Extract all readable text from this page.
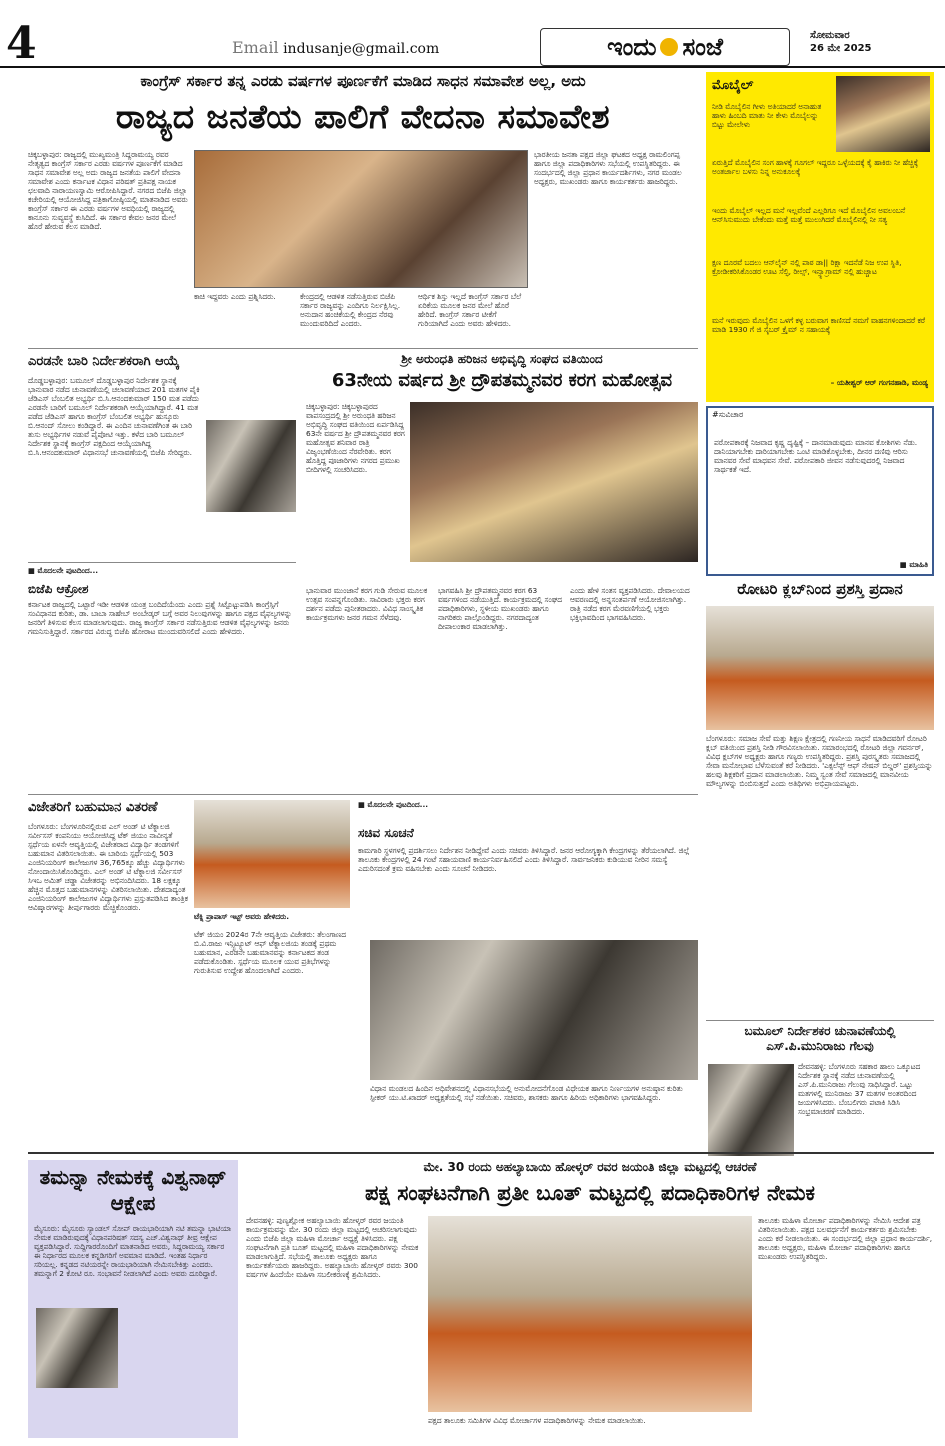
4	Email indusanje@gmail.com	ಇಂದು ಸಂಜೆ	ಸೋಮವಾರ
26 ಮೇ 2025
ಕಾಂಗ್ರೆಸ್ ಸರ್ಕಾರ ತನ್ನ ಎರಡು ವರ್ಷಗಳ ಪೂರ್ಣಕೆಗೆ ಮಾಡಿದ ಸಾಧನ ಸಮಾವೇಶ ಅಲ್ಲ, ಅದು
ರಾಜ್ಯದ ಜನತೆಯ ಪಾಲಿಗೆ ವೇದನಾ ಸಮಾವೇಶ
ಚಿಕ್ಕಬಳ್ಳಾಪುರ: ರಾಜ್ಯದಲ್ಲಿ ಮುಖ್ಯಮಂತ್ರಿ ಸಿದ್ದರಾಮಯ್ಯ ರವರ ನೇತೃತ್ವದ ಕಾಂಗ್ರೆಸ್ ಸರ್ಕಾರ ಎರಡು ವರ್ಷಗಳ ಪೂರ್ಣಕೆಗೆ ಮಾಡಿದ ಸಾಧನ ಸಮಾವೇಶ ಅಲ್ಲ ಅದು ರಾಜ್ಯದ ಜನತೆಯ ಪಾಲಿಗೆ ವೇದನಾ ಸಮಾವೇಶ ಎಂದು ಕರ್ನಾಟಕ ವಿಧಾನ ಪರಿಷತ್ ಪ್ರತಿಪಕ್ಷ ನಾಯಕ ಛಲವಾದಿ ನಾರಾಯಣಸ್ವಾಮಿ ಆರೋಪಿಸಿದ್ದಾರೆ. ನಗರದ ಬಿಜೆಪಿ ಜಿಲ್ಲಾ ಕಚೇರಿಯಲ್ಲಿ ಆಯೋಜಿಸಿದ್ದ ಪತ್ರಿಕಾಗೋಷ್ಠಿಯಲ್ಲಿ ಮಾತನಾಡಿದ ಅವರು ಕಾಂಗ್ರೆಸ್ ಸರ್ಕಾರ ಈ ಎರಡು ವರ್ಷಗಳ ಅವಧಿಯಲ್ಲಿ ರಾಜ್ಯದಲ್ಲಿ ಕಾನೂನು ಸುವ್ಯವಸ್ಥೆ ಕುಸಿದಿದೆ. ಈ ಸರ್ಕಾರ ಕೇವಲ ಜನರ ಮೇಲೆ ಹೊರೆ ಹೇರುವ ಕೆಲಸ ಮಾಡಿದೆ.
ಕಾಚಿ ಇದ್ದವರು ಎಂದು ಪ್ರಶ್ನಿಸಿದರು.	ಕೇಂದ್ರದಲ್ಲಿ ಆಡಳಿತ ನಡೆಸುತ್ತಿರುವ ಬಿಜೆಪಿ ಸರ್ಕಾರ ರಾಜ್ಯವನ್ನು ಎಂದಿಗೂ ನಿರ್ಲಕ್ಷಿಸಿಲ್ಲ. ಅನುದಾನ ಹಂಚಿಕೆಯಲ್ಲಿ ಕೇಂದ್ರದ ನೆರವು ಮುಂದುವರಿದಿದೆ ಎಂದರು.
ಆರ್ಥಿಕ ಶಿಸ್ತು ಇಲ್ಲದೆ ಕಾಂಗ್ರೆಸ್ ಸರ್ಕಾರ ಬೆಲೆ ಏರಿಕೆಯ ಮೂಲಕ ಜನರ ಮೇಲೆ ಹೊರೆ ಹೇರಿದೆ. ಕಾಂಗ್ರೆಸ್ ಸರ್ಕಾರ ಟೀಕೆಗೆ ಗುರಿಯಾಗಿದೆ ಎಂದು ಅವರು ಹೇಳಿದರು.
ಭಾರತೀಯ ಜನತಾ ಪಕ್ಷದ ಜಿಲ್ಲಾ ಘಟಕದ ಅಧ್ಯಕ್ಷ ರಾಮಲಿಂಗಪ್ಪ ಹಾಗೂ ಜಿಲ್ಲಾ ಪದಾಧಿಕಾರಿಗಳು ಸಭೆಯಲ್ಲಿ ಉಪಸ್ಥಿತರಿದ್ದರು. ಈ ಸಂದರ್ಭದಲ್ಲಿ ಜಿಲ್ಲಾ ಪ್ರಧಾನ ಕಾರ್ಯದರ್ಶಿಗಳು, ನಗರ ಮಂಡಲ ಅಧ್ಯಕ್ಷರು, ಮುಖಂಡರು ಹಾಗೂ ಕಾರ್ಯಕರ್ತರು ಹಾಜರಿದ್ದರು.
ಮೊಬೈಲ್
ನೀಡಿ ಮೊಬೈಲಿನ ಗೀಳು ಅತಿಯಾದರೆ ಅನಾಹುತ ಹಾಳು ಹಿಂಬದಿ ಮಾತು ನೀ ಕೇಳು ಮೊಬೈಲನ್ನು ಬಿಟ್ಟು ಮೇಲೇಳು
ಏರುತ್ತಿದೆ ಮೊಬೈಲಿನ ಸಂಗ ಹಾಳಕ್ಕೆ ಗೂಗಲ್ ಇದ್ದರೂ ಒಳ್ಳೆಯದಕ್ಕೆ ಕೈ ಹಾಕಿರು ನೀ ಹೆಚ್ಚಿಕ್ಕೆ ಅಂತರ್ಜಾಲ ಬಳಸು ನಿನ್ನ ಅನುಕೂಲಕ್ಕೆ
ಇಂದು ಮೊಬೈಲ್ ಇಲ್ಲದ ಮನೆ ಇಲ್ಲವೆಂದೆ ಎಲ್ಲರಿಗೂ ಇದೆ ಮೊಬೈಲಿನ ಅವಲಂಬನೆ ಆನ್‌ಸಿಸುಮುದು ಬೇಕೆಂದು ಮತ್ತೆ ಮತ್ತೆ ಮುಲುಗಿದರೆ ಮೊಬೈಲಿನಲ್ಲಿ ನೀ ಸತ್ಯ
ಕ್ಷಣ ದೂರವೆ ಬದಲು ಆನ್‌ಲೈನ್ ನಲ್ಲಿ ಪಾಠ ಡಾ|| ರಿಕ್ಷಾ ಇದನೆಡೆ ನಿಜ ಉಪ ಸ್ಥಿತಿ, ಕ್ರೋಡೀಕರಿಸಿಕೊಂಡರ ಊಟ ಸೆಲ್ಫಿ, ರೀಲ್ಸ್, ಇನ್ಸ್ಟಾ‌ಗ್ರಾಮ್ ನಲ್ಲಿ ಹುಚ್ಚಾಟ
ಮನೆ ಇರುವುದು ಮೊಬೈಲಿನ ಒಳಗೆ ಕಳ್ಳ ಬರುವಾಗ ಕಾಣಿಸದೆ ನಮಗೆ ವಾಹನಗಳಿಂದಾದರೆ ಕರೆ ಮಾಡಿ 1930 ಗೆ ಜಿ ಸೈಬರ್ ಕ್ರೈಮ್ ನ ಸಹಾಯಕ್ಕೆ
– ಯತೀಶ್ವರ್ ಆರ್ ಗಂಗನಹಾಡಿ, ಮಂಡ್ಯ
ಎರಡನೇ ಬಾರಿ ನಿರ್ದೇಶಕರಾಗಿ ಆಯ್ಕೆ
ದೊಡ್ಡಬಳ್ಳಾಪುರ: ಬಮೂಲ್ ದೊಡ್ಡಬಳ್ಳಾಪುರ ನಿರ್ದೇಶಕ ಸ್ಥಾನಕ್ಕೆ ಭಾನುವಾರ ನಡೆದ ಚುನಾವಣೆಯಲ್ಲಿ ಚಲಾವಣೆಯಾದ 201 ಮತಗಳ ಪೈಕಿ ಜೆಡಿಎಸ್ ಬೆಂಬಲಿತ ಅಭ್ಯರ್ಥಿ ಬಿ.ಸಿ.ಆನಂದಕುಮಾರ್ 150 ಮತ ಪಡೆದು ಎರಡನೇ ಬಾರಿಗೆ ಬಮೂಲ್ ನಿರ್ದೇಶಕರಾಗಿ ಆಯ್ಕೆಯಾಗಿದ್ದಾರೆ. 41 ಮತ ಪಡೆದ ಜೆಡಿಎಸ್ ಹಾಗೂ ಕಾಂಗ್ರೆಸ್ ಬೆಂಬಲಿತ ಅಭ್ಯರ್ಥಿ ಹುಸ್ಕೂರು ಬಿ.ಆನಂದ್ ಸೋಲು ಕಂಡಿದ್ದಾರೆ. ಈ ಎಂದಿನ ಚುನಾವಣೆಗಿಂತ ಈ ಬಾರಿ ತುಸು ಅಭ್ಯರ್ಥಿಗಳ ನಡುವೆ ಪೈಪೋಟಿ ಇತ್ತು. ಕಳೆದ ಬಾರಿ ಬಮೂಲ್ ನಿರ್ದೇಶಕ ಸ್ಥಾನಕ್ಕೆ ಕಾಂಗ್ರೆಸ್ ಪಕ್ಷದಿಂದ ಆಯ್ಕೆಯಾಗಿದ್ದ ಬಿ.ಸಿ.ಆನಂದಕುಮಾರ್ ವಿಧಾನಸಭೆ ಚುನಾವಣೆಯಲ್ಲಿ ಬಿಜೆಪಿ ಸೇರಿದ್ದರು.
■ ಮೊದಲನೇ ಪುಟದಿಂದ...
ಬಿಜೆಪಿ ಆಕ್ರೋಶ
ಕರ್ನಾಟಕ ರಾಜ್ಯದಲ್ಲಿ ಒಟ್ಟಾರೆ ಇಡೀ ಆಡಳಿತ ಯಂತ್ರ ಬಂದಿದೆಯೆಂದು ಎಂದು ಪ್ರಶ್ನೆ ಸಿಟ್ಟೊಟ್ಟುಪಡಿಸಿ ಕಾಂಗ್ರೆಸ್ಸಿಗೆ ಸಂವಿಧಾನದ ಕುರಿತು, ಡಾ. ಬಾಬಾ ಸಾಹೇಬ್ ಅಂಬೇಡ್ಕರ್ ಬಗ್ಗೆ ಅವರ ನಿಲುವುಗಳನ್ನು ಹಾಗೂ ಪಕ್ಷದ ವೈಫಲ್ಯಗಳನ್ನು ಜನರಿಗೆ ತಿಳಿಸುವ ಕೆಲಸ ಮಾಡಲಾಗುವುದು. ರಾಜ್ಯ ಕಾಂಗ್ರೆಸ್ ಸರ್ಕಾರ ನಡೆಸುತ್ತಿರುವ ಆಡಳಿತ ವೈಫಲ್ಯಗಳನ್ನು ಜನರು ಗಮನಿಸುತ್ತಿದ್ದಾರೆ. ಸರ್ಕಾರದ ವಿರುದ್ಧ ಬಿಜೆಪಿ ಹೋರಾಟ ಮುಂದುವರಿಸಲಿದೆ ಎಂದು ಹೇಳಿದರು.
ಶ್ರೀ ಅರುಂಧತಿ ಹರಿಜನ ಅಭಿವೃದ್ಧಿ ಸಂಘದ ವತಿಯಿಂದ
63ನೇಯ ವರ್ಷದ ಶ್ರೀ ದ್ರೌಪತಮ್ಮನವರ ಕರಗ ಮಹೋತ್ಸವ
ಚಿಕ್ಕಬಳ್ಳಾಪುರ: ಚಿಕ್ಕಬಳ್ಳಾಪುರದ ವಾಪಸಂದ್ರದಲ್ಲಿ ಶ್ರೀ ಅರುಂಧತಿ ಹರಿಜನ ಅಭಿವೃದ್ಧಿ ಸಂಘದ ವತಿಯಿಂದ ಏರ್ಪಡಿಸಿದ್ದ 63ನೇ ವರ್ಷದ ಶ್ರೀ ದ್ರೌಪತಮ್ಮನವರ ಕರಗ ಮಹೋತ್ಸವ ಶನಿವಾರ ರಾತ್ರಿ ವಿಜೃಂಭಣೆಯಿಂದ ನೆರವೇರಿತು. ಕರಗ ಹೊತ್ತಿದ್ದ ಪೂಜಾರಿಗಳು ನಗರದ ಪ್ರಮುಖ ಬೀದಿಗಳಲ್ಲಿ ಸಂಚರಿಸಿದರು.
ಭಾನುವಾರ ಮುಂಜಾನೆ ಕರಗ ಗುಡಿ ಸೇರುವ ಮೂಲಕ ಉತ್ಸವ ಸಂಪನ್ನಗೊಂಡಿತು. ಸಾವಿರಾರು ಭಕ್ತರು ಕರಗ ದರ್ಶನ ಪಡೆದು ಪುನೀತರಾದರು. ವಿವಿಧ ಸಾಂಸ್ಕೃತಿಕ ಕಾರ್ಯಕ್ರಮಗಳು ಜನರ ಗಮನ ಸೆಳೆದವು.
ಭಾಗವಹಿಸಿ ಶ್ರೀ ದ್ರೌಪತಮ್ಮನವರ ಕರಗ 63 ವರ್ಷಗಳಿಂದ ನಡೆಯುತ್ತಿದೆ. ಕಾರ್ಯಕ್ರಮದಲ್ಲಿ ಸಂಘದ ಪದಾಧಿಕಾರಿಗಳು, ಸ್ಥಳೀಯ ಮುಖಂಡರು ಹಾಗೂ ನಾಗರಿಕರು ಪಾಲ್ಗೊಂಡಿದ್ದರು. ನಗರದಾದ್ಯಂತ ದೀಪಾಲಂಕಾರ ಮಾಡಲಾಗಿತ್ತು.
ಎಂದು ಹೇಳಿ ಸಂತಸ ವ್ಯಕ್ತಪಡಿಸಿದರು. ದೇವಾಲಯದ ಆವರಣದಲ್ಲಿ ಅನ್ನಸಂತರ್ಪಣೆ ಆಯೋಜಿಸಲಾಗಿತ್ತು. ರಾತ್ರಿ ನಡೆದ ಕರಗ ಮೆರವಣಿಗೆಯಲ್ಲಿ ಭಕ್ತರು ಭಕ್ತಿಭಾವದಿಂದ ಭಾಗವಹಿಸಿದರು.
#ಸುವಿಚಾರ
ಪರೋಪಕಾರಕ್ಕೆ ನಿಜವಾದ ಕೃಷ್ಣ ದೃಷ್ಟಿಕ್ಕೆ – ದಾನಮಾಡುವುದು ಮಾನವ ಕೋಶಿಗಳು ನೆಡು. ದಾನಿಯಾಗಬೇಕು ದಾರಿಯಾಗಬೇಕು ಒಂಟಿ ಮಾಡಿಕೊಳ್ಳಬೇಕು, ದೀನರ ದಣಿವು ಆರಿಸು ಮಾನವರ ಸೇವೆ ಮಾಧವನ ಸೇವೆ. ಪರೋಪಕಾರಿ ಜೀವನ ನಡೆಸುವುದರಲ್ಲಿ ನಿಜವಾದ ಸಾರ್ಥಕತೆ ಇದೆ.
■ ಮಾಹಿತಿ
ರೋಟರಿ ಕ್ಲಬ್‌ನಿಂದ ಪ್ರಶಸ್ತಿ ಪ್ರದಾನ
ಬೆಂಗಳೂರು: ಸಮಾಜ ಸೇವೆ ಮತ್ತು ಶಿಕ್ಷಣ ಕ್ಷೇತ್ರದಲ್ಲಿ ಗಣನೀಯ ಸಾಧನೆ ಮಾಡಿದವರಿಗೆ ರೋಟರಿ ಕ್ಲಬ್ ವತಿಯಿಂದ ಪ್ರಶಸ್ತಿ ನೀಡಿ ಗೌರವಿಸಲಾಯಿತು. ಸಮಾರಂಭದಲ್ಲಿ ರೋಟರಿ ಜಿಲ್ಲಾ ಗವರ್ನರ್, ವಿವಿಧ ಕ್ಲಬ್‌ಗಳ ಅಧ್ಯಕ್ಷರು ಹಾಗೂ ಗಣ್ಯರು ಉಪಸ್ಥಿತರಿದ್ದರು. ಪ್ರಶಸ್ತಿ ಪುರಸ್ಕೃತರು ಸಮಾಜದಲ್ಲಿ ಸೇವಾ ಮನೋಭಾವ ಬೆಳೆಸುವಂತೆ ಕರೆ ನೀಡಿದರು. 'ಎಕ್ಸಲೆನ್ಸ್ ಆಫ್ ನೇಷನ್ ಬಿಲ್ಡರ್' ಪ್ರಶಸ್ತಿಯನ್ನು ಹಲವು ಶಿಕ್ಷಕರಿಗೆ ಪ್ರದಾನ ಮಾಡಲಾಯಿತು. ನಿಮ್ಮ ಸ್ವಂತ ಸೇವೆ ಸಮಾಜದಲ್ಲಿ ಮಾನವೀಯ ಮೌಲ್ಯಗಳನ್ನು ಬಿಂಬಿಸುತ್ತದೆ ಎಂದು ಅತಿಥಿಗಳು ಅಭಿಪ್ರಾಯಪಟ್ಟರು.
ಬಮೂಲ್ ನಿರ್ದೇಶಕರ ಚುನಾವಣೆಯಲ್ಲಿ ಎಸ್.ಪಿ.ಮುನಿರಾಜು ಗೆಲವು
ದೇವನಹಳ್ಳಿ: ಬೆಂಗಳೂರು ಸಹಕಾರ ಹಾಲು ಒಕ್ಕೂಟದ ನಿರ್ದೇಶಕ ಸ್ಥಾನಕ್ಕೆ ನಡೆದ ಚುನಾವಣೆಯಲ್ಲಿ ಎಸ್.ಪಿ.ಮುನಿರಾಜು ಗೆಲುವು ಸಾಧಿಸಿದ್ದಾರೆ. ಒಟ್ಟು ಮತಗಳಲ್ಲಿ ಮುನಿರಾಜು 37 ಮತಗಳ ಅಂತರದಿಂದ ಜಯಗಳಿಸಿದರು. ಬೆಂಬಲಿಗರು ಪಟಾಕಿ ಸಿಡಿಸಿ ಸಂಭ್ರಮಾಚರಣೆ ಮಾಡಿದರು.
ವಿಜೇತರಿಗೆ ಬಹುಮಾನ ವಿತರಣೆ
ಬೆಂಗಳೂರು: ಬೆಂಗಳೂರಿನಲ್ಲಿರುವ ಎಲ್ ಅಂಡ್ ಟಿ ಟೆಕ್ನಾಲಜಿ ಸರ್ವೀಸಸ್ ಕಂಪನಿಯು ಆಯೋಜಿಸಿದ್ದ ಟೆಕ್ ಜಿಯಂ ನಾವೀನ್ಯತೆ ಸ್ಪರ್ಧೆಯ ಏಳನೇ ಆವೃತ್ತಿಯಲ್ಲಿ ವಿಜೇತರಾದ ವಿದ್ಯಾರ್ಥಿ ತಂಡಗಳಿಗೆ ಬಹುಮಾನ ವಿತರಿಸಲಾಯಿತು. ಈ ಬಾರಿಯ ಸ್ಪರ್ಧೆಯಲ್ಲಿ 503 ಎಂಜಿನಿಯರಿಂಗ್ ಕಾಲೇಜುಗಳ 36,765ಕ್ಕೂ ಹೆಚ್ಚು ವಿದ್ಯಾರ್ಥಿಗಳು ನೋಂದಾಯಿಸಿಕೊಂಡಿದ್ದರು. ಎಲ್ ಅಂಡ್ ಟಿ ಟೆಕ್ನಾಲಜಿ ಸರ್ವೀಸಸ್ ಸಿಇಒ ಅಮಿತ್ ಚಡ್ಡಾ ವಿಜೇತರನ್ನು ಅಭಿನಂದಿಸಿದರು. 18 ಲಕ್ಷಕ್ಕೂ ಹೆಚ್ಚಿನ ಮೊತ್ತದ ಬಹುಮಾನಗಳನ್ನು ವಿತರಿಸಲಾಯಿತು. ದೇಶದಾದ್ಯಂತ ಎಂಜಿನಿಯರಿಂಗ್ ಕಾಲೇಜುಗಳ ವಿದ್ಯಾರ್ಥಿಗಳು ಪ್ರಸ್ತುತಪಡಿಸಿದ ತಾಂತ್ರಿಕ ಆವಿಷ್ಕಾರಗಳನ್ನು ತೀರ್ಪುಗಾರರು ಮೆಚ್ಚಿಕೊಂಡರು.
ಟೆಕ್ನಿ ಪ್ರಾಪಾಸ್ ಇಟ್ಟ್ ಅವರು ಹೇಳಿದರು.
ಟೆಕ್ ಜಿಯಂ 2024ರ 7ನೇ ಆವೃತ್ತಿಯ ವಿಜೇತರು: ತೆಲಂಗಾಣದ ಬಿ.ವಿ.ರಾಜು ಇನ್ಸ್ಟಿಟ್ಯೂಟ್ ಆಫ್ ಟೆಕ್ನಾಲಜಿಯ ತಂಡಕ್ಕೆ ಪ್ರಥಮ ಬಹುಮಾನ, ಎರಡನೇ ಬಹುಮಾನವನ್ನು ಕರ್ನಾಟಕದ ತಂಡ ಪಡೆದುಕೊಂಡಿತು. ಸ್ಪರ್ಧೆಯ ಮೂಲಕ ಯುವ ಪ್ರತಿಭೆಗಳನ್ನು ಗುರುತಿಸುವ ಉದ್ದೇಶ ಹೊಂದಲಾಗಿದೆ ಎಂದರು.
■ ಮೊದಲನೇ ಪುಟದಿಂದ...
ಸಚಿವ ಸೂಚನೆ
ಕಾಮಗಾರಿ ಸ್ಥಳಗಳಲ್ಲಿ ಪ್ರದರ್ಶಿಸಲು ನಿರ್ದೇಶನ ನೀಡಿದ್ದೇವೆ ಎಂದು ಸಚಿವರು ತಿಳಿಸಿದ್ದಾರೆ. ಜನರ ಆರೋಗ್ಯಕ್ಕಾಗಿ ಕೇಂದ್ರಗಳನ್ನು ತೆರೆಯಲಾಗಿದೆ. ಜಿಲ್ಲೆ ತಾಲೂಕು ಕೇಂದ್ರಗಳಲ್ಲಿ 24 ಗಂಟೆ ಸಹಾಯವಾಣಿ ಕಾರ್ಯನಿರ್ವಹಿಸಲಿದೆ ಎಂದು ತಿಳಿಸಿದ್ದಾರೆ. ಸಾರ್ವಜನಿಕರು ಕುಡಿಯುವ ನೀರಿನ ಸಮಸ್ಯೆ ಎದುರಿಸದಂತೆ ಕ್ರಮ ವಹಿಸಬೇಕು ಎಂದು ಸೂಚನೆ ನೀಡಿದರು.
ವಿಧಾನ ಮಂಡಲದ ಹಿಂದಿನ ಅಧಿವೇಶನದಲ್ಲಿ ವಿಧಾನಸಭೆಯಲ್ಲಿ ಅನುಮೋದನೆಗೊಂಡ ವಿಧೇಯಕ ಹಾಗೂ ನಿರ್ಣಯಗಳ ಅನುಷ್ಠಾನ ಕುರಿತು ಸ್ಪೀಕರ್ ಯು.ಟಿ.ಖಾದರ್ ಅಧ್ಯಕ್ಷತೆಯಲ್ಲಿ ಸಭೆ ನಡೆಯಿತು. ಸಚಿವರು, ಶಾಸಕರು ಹಾಗೂ ಹಿರಿಯ ಅಧಿಕಾರಿಗಳು ಭಾಗವಹಿಸಿದ್ದರು.
ತಮನ್ನಾ ನೇಮಕಕ್ಕೆ ವಿಶ್ವನಾಥ್ ಆಕ್ಷೇಪ
ಮೈಸೂರು: ಮೈಸೂರು ಸ್ಯಾಂಡಲ್ ಸೋಪ್ ರಾಯಭಾರಿಯಾಗಿ ನಟಿ ತಮನ್ನಾ ಭಾಟಿಯಾ ನೇಮಕ ಮಾಡಿರುವುದಕ್ಕೆ ವಿಧಾನಪರಿಷತ್ ಸದಸ್ಯ ಎಚ್.ವಿಶ್ವನಾಥ್ ತೀವ್ರ ಆಕ್ಷೇಪ ವ್ಯಕ್ತಪಡಿಸಿದ್ದಾರೆ. ಸುದ್ದಿಗಾರರೊಂದಿಗೆ ಮಾತನಾಡಿದ ಅವರು, ಸಿದ್ದರಾಮಯ್ಯ ಸರ್ಕಾರ ಈ ನಿರ್ಧಾರದ ಮೂಲಕ ಕನ್ನಡಿಗರಿಗೆ ಅವಮಾನ ಮಾಡಿದೆ. ಇಂತಹ ನಿರ್ಧಾರ ಸರಿಯಲ್ಲ. ಕನ್ನಡದ ನಟಿಯರನ್ನೇ ರಾಯಭಾರಿಯಾಗಿ ನೇಮಿಸಬೇಕಿತ್ತು ಎಂದರು. ತಮನ್ನಾಗೆ 2 ಕೋಟಿ ರೂ. ಸಂಭಾವನೆ ನೀಡಲಾಗಿದೆ ಎಂದು ಅವರು ದೂರಿದ್ದಾರೆ.
ಮೇ. 30 ರಂದು ಅಹಲ್ಯಾಬಾಯಿ ಹೋಳ್ಕರ್ ರವರ ಜಯಂತಿ ಜಿಲ್ಲಾ ಮಟ್ಟದಲ್ಲಿ ಆಚರಣೆ
ಪಕ್ಷ ಸಂಘಟನೆಗಾಗಿ ಪ್ರತೀ ಬೂತ್ ಮಟ್ಟದಲ್ಲಿ ಪದಾಧಿಕಾರಿಗಳ ನೇಮಕ
ದೇವನಹಳ್ಳಿ: ಪುಣ್ಯಶ್ಲೋಕ ಅಹಲ್ಯಾಬಾಯಿ ಹೋಳ್ಕರ್ ರವರ ಜಯಂತಿ ಕಾರ್ಯಕ್ರಮವನ್ನು ಮೇ. 30 ರಂದು ಜಿಲ್ಲಾ ಮಟ್ಟದಲ್ಲಿ ಆಚರಿಸಲಾಗುವುದು ಎಂದು ಬಿಜೆಪಿ ಜಿಲ್ಲಾ ಮಹಿಳಾ ಮೋರ್ಚಾ ಅಧ್ಯಕ್ಷೆ ತಿಳಿಸಿದರು. ಪಕ್ಷ ಸಂಘಟನೆಗಾಗಿ ಪ್ರತಿ ಬೂತ್ ಮಟ್ಟದಲ್ಲಿ ಮಹಿಳಾ ಪದಾಧಿಕಾರಿಗಳನ್ನು ನೇಮಕ ಮಾಡಲಾಗುತ್ತಿದೆ. ಸಭೆಯಲ್ಲಿ ತಾಲೂಕು ಅಧ್ಯಕ್ಷರು ಹಾಗೂ ಕಾರ್ಯಕರ್ತೆಯರು ಹಾಜರಿದ್ದರು. ಅಹಲ್ಯಾಬಾಯಿ ಹೋಳ್ಕರ್ ರವರು 300 ವರ್ಷಗಳ ಹಿಂದೆಯೇ ಮಹಿಳಾ ಸಬಲೀಕರಣಕ್ಕೆ ಶ್ರಮಿಸಿದರು.
ಪಕ್ಷದ ತಾಲೂಕು ಸಮಿತಿಗಳ ವಿವಿಧ ಮೋರ್ಚಾಗಳ ಪದಾಧಿಕಾರಿಗಳನ್ನು ನೇಮಕ ಮಾಡಲಾಯಿತು.
ತಾಲೂಕು ಮಹಿಳಾ ಮೋರ್ಚಾ ಪದಾಧಿಕಾರಿಗಳನ್ನು ನೇಮಿಸಿ ಆದೇಶ ಪತ್ರ ವಿತರಿಸಲಾಯಿತು. ಪಕ್ಷದ ಬಲವರ್ಧನೆಗೆ ಕಾರ್ಯಕರ್ತರು ಶ್ರಮಿಸಬೇಕು ಎಂದು ಕರೆ ನೀಡಲಾಯಿತು. ಈ ಸಂದರ್ಭದಲ್ಲಿ ಜಿಲ್ಲಾ ಪ್ರಧಾನ ಕಾರ್ಯದರ್ಶಿ, ತಾಲೂಕು ಅಧ್ಯಕ್ಷರು, ಮಹಿಳಾ ಮೋರ್ಚಾ ಪದಾಧಿಕಾರಿಗಳು ಹಾಗೂ ಮುಖಂಡರು ಉಪಸ್ಥಿತರಿದ್ದರು.
